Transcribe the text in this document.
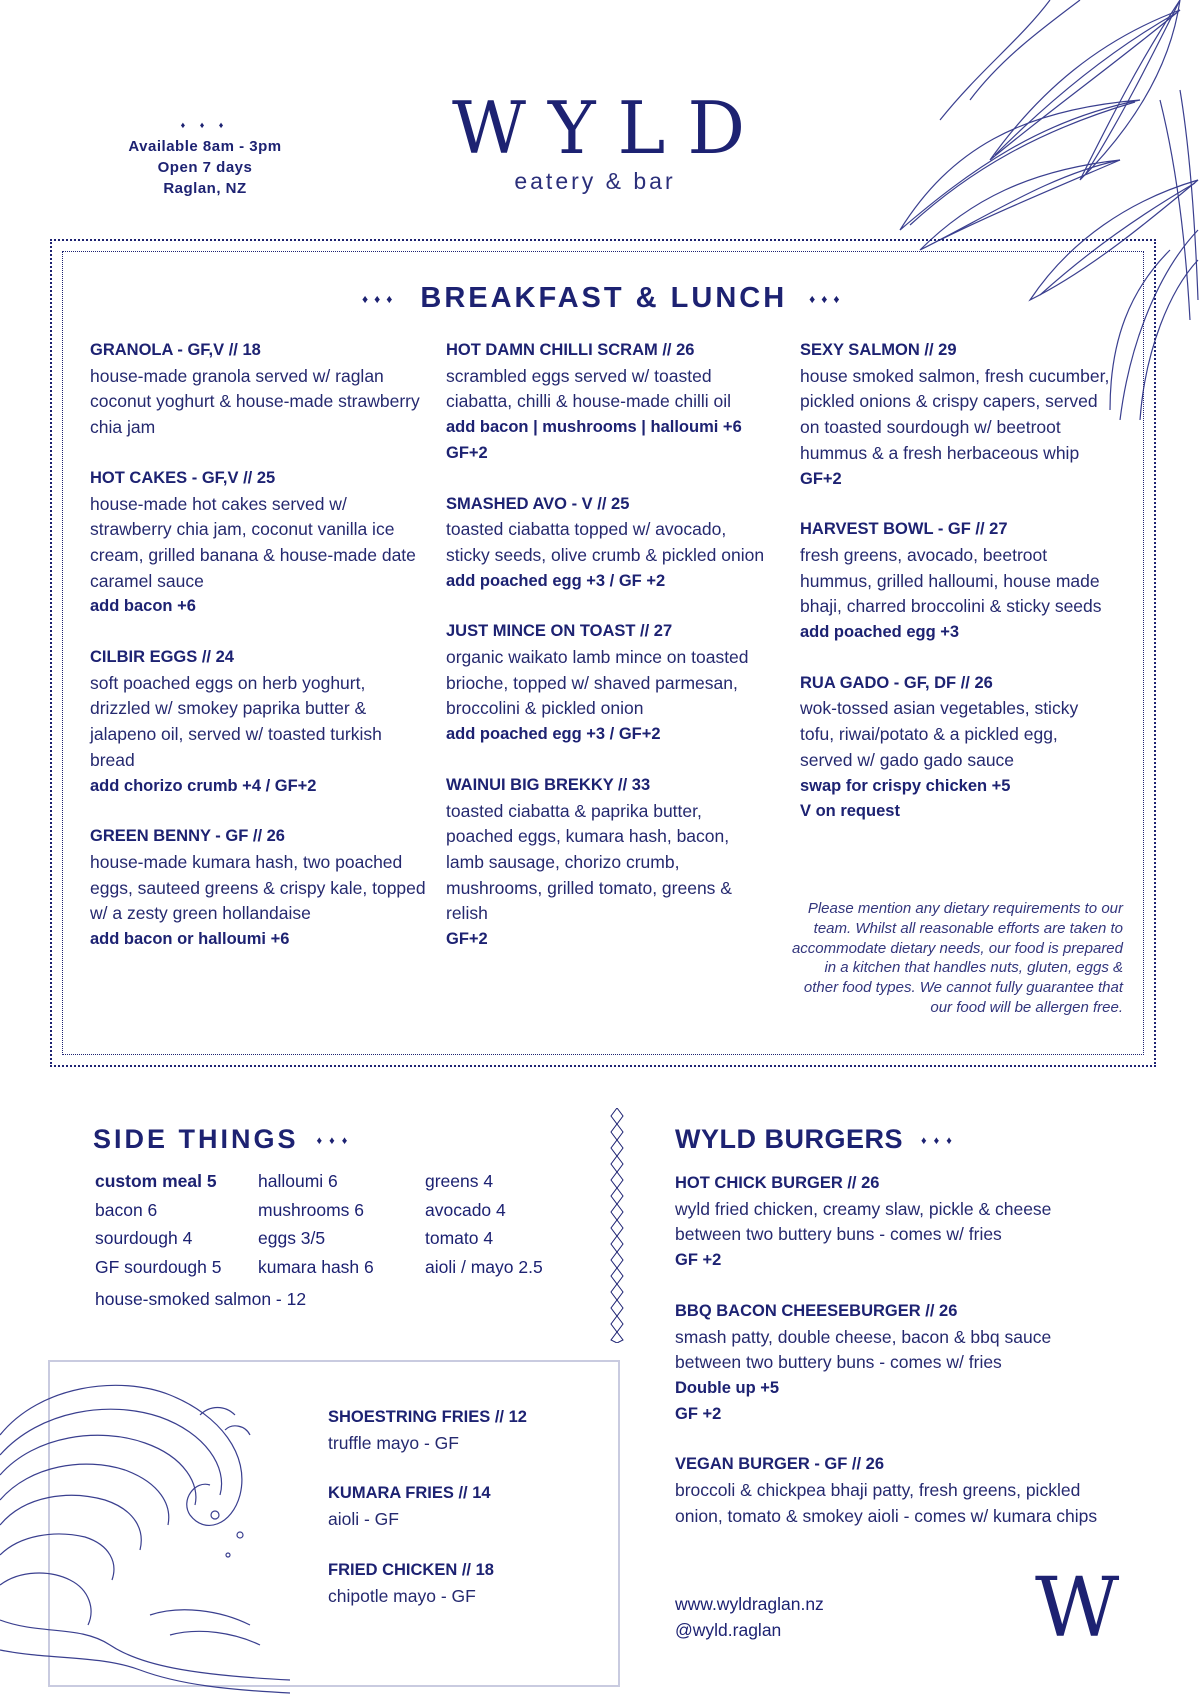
♦ ♦ ♦
Available 8am - 3pm
Open 7 days
Raglan, NZ
WYLD
eatery & bar
♦♦♦ BREAKFAST & LUNCH ♦♦♦
GRANOLA - GF,V // 18
house-made granola served w/ raglan coconut yoghurt & house-made strawberry chia jam
HOT CAKES - GF,V // 25
house-made hot cakes served w/ strawberry chia jam, coconut vanilla ice cream, grilled banana & house-made date caramel sauce
add bacon +6
CILBIR EGGS // 24
soft poached eggs on herb yoghurt, drizzled w/ smokey paprika butter & jalapeno oil, served w/ toasted turkish bread
add chorizo crumb +4 / GF+2
GREEN BENNY - GF // 26
house-made kumara hash, two poached eggs, sauteed greens & crispy kale, topped w/ a zesty green hollandaise
add bacon or halloumi +6
HOT DAMN CHILLI SCRAM // 26
scrambled eggs served w/ toasted ciabatta, chilli & house-made chilli oil
add bacon | mushrooms | halloumi +6
GF+2
SMASHED AVO - V // 25
toasted ciabatta topped w/ avocado, sticky seeds, olive crumb & pickled onion
add poached egg +3 / GF +2
JUST MINCE ON TOAST // 27
organic waikato lamb mince on toasted brioche, topped w/ shaved parmesan, broccolini & pickled onion
add poached egg +3 / GF+2
WAINUI BIG BREKKY // 33
toasted ciabatta & paprika butter, poached eggs, kumara hash, bacon, lamb sausage, chorizo crumb, mushrooms, grilled tomato, greens & relish
GF+2
SEXY SALMON // 29
house smoked salmon, fresh cucumber, pickled onions & crispy capers, served on toasted sourdough w/ beetroot hummus & a fresh herbaceous whip
GF+2
HARVEST BOWL - GF // 27
fresh greens, avocado, beetroot hummus, grilled halloumi, house made bhaji, charred broccolini & sticky seeds
add poached egg +3
RUA GADO - GF, DF // 26
wok-tossed asian vegetables, sticky tofu, riwai/potato & a pickled egg, served w/ gado gado sauce
swap for crispy chicken +5
V on request
Please mention any dietary requirements to our team. Whilst all reasonable efforts are taken to accommodate dietary needs, our food is prepared in a kitchen that handles nuts, gluten, eggs & other food types. We cannot fully guarantee that our food will be allergen free.
SIDE THINGS ♦♦♦
custom meal 5
bacon 6
sourdough 4
GF sourdough 5
halloumi 6
mushrooms 6
eggs 3/5
kumara hash 6
greens 4
avocado 4
tomato 4
aioli / mayo 2.5
house-smoked salmon - 12
SHOESTRING FRIES // 12
truffle mayo - GF
KUMARA FRIES // 14
aioli - GF
FRIED CHICKEN // 18
chipotle mayo - GF
WYLD BURGERS ♦♦♦
HOT CHICK BURGER // 26
wyld fried chicken, creamy slaw, pickle & cheese between two buttery buns - comes w/ fries
GF +2
BBQ BACON CHEESEBURGER // 26
smash patty, double cheese, bacon & bbq sauce between two buttery buns - comes w/ fries
Double up +5
GF +2
VEGAN BURGER - GF // 26
broccoli & chickpea bhaji patty, fresh greens, pickled onion, tomato & smokey aioli - comes w/ kumara chips
www.wyldraglan.nz
@wyld.raglan	W
